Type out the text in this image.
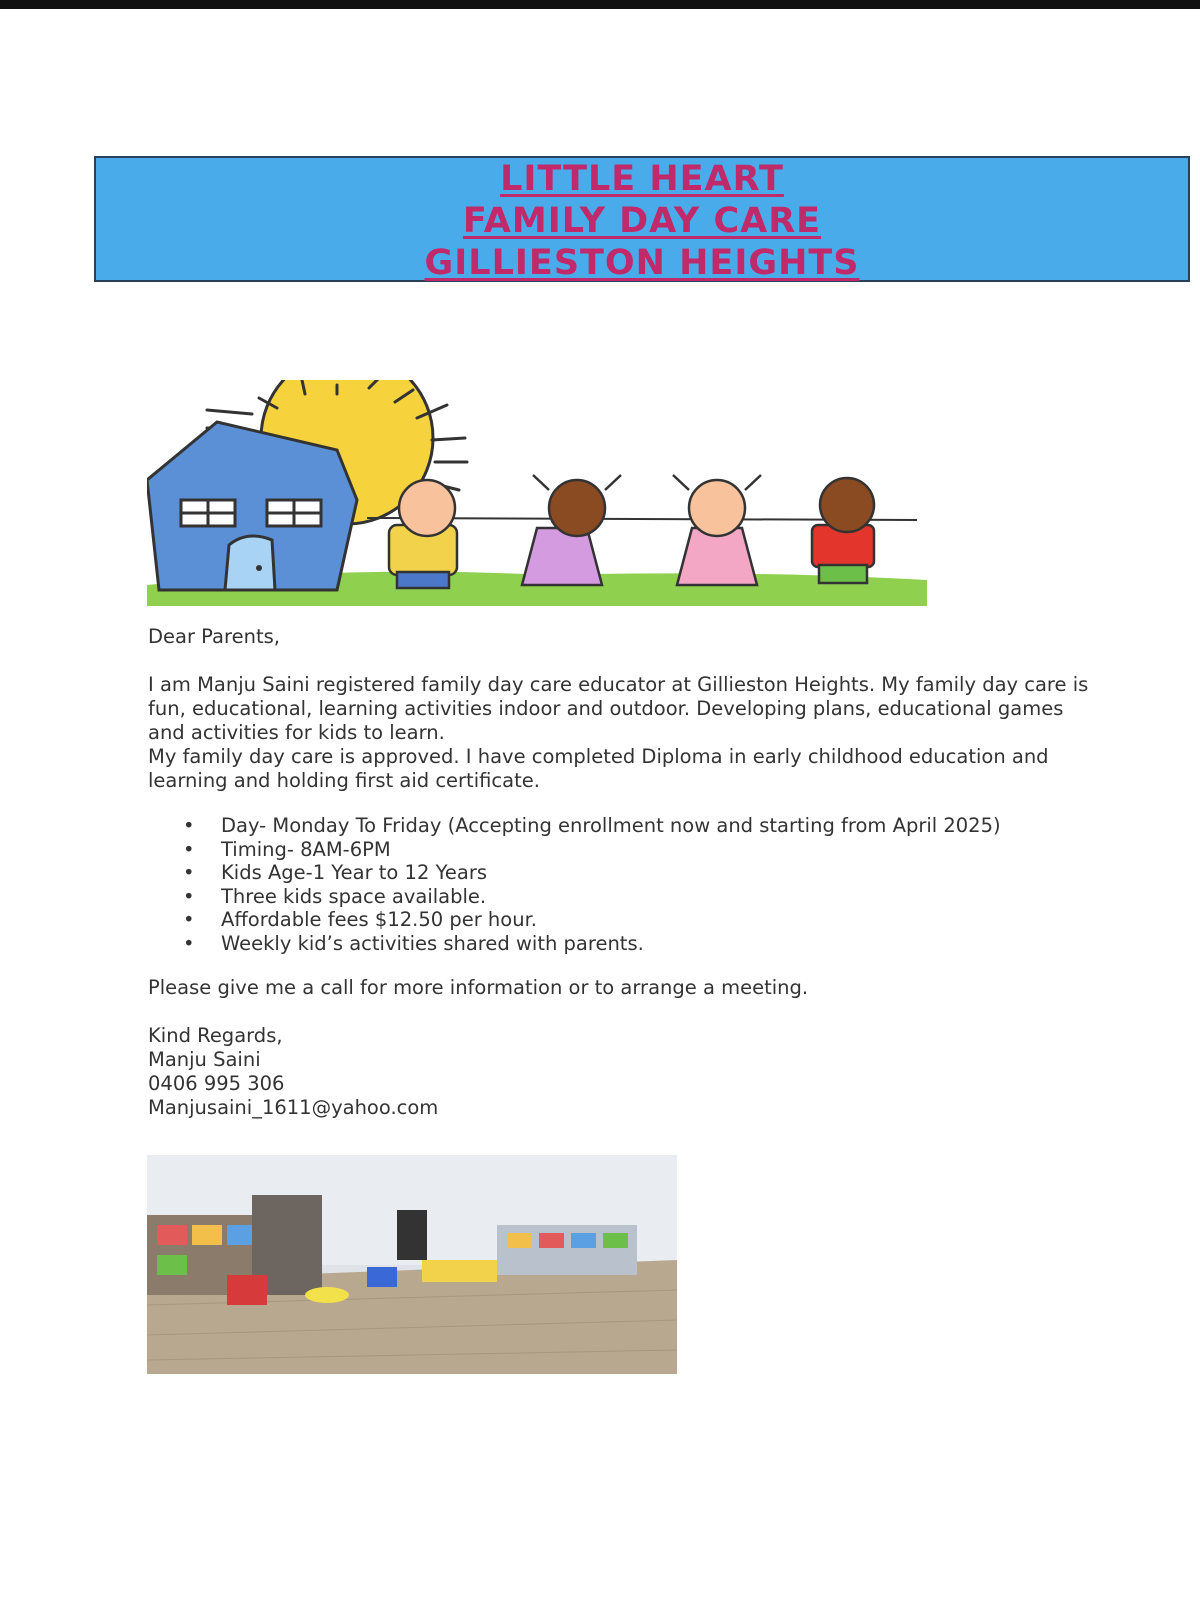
LITTLE HEART
FAMILY DAY CARE
GILLIESTON HEIGHTS

Dear Parents,

I am Manju Saini registered family day care educator at Gillieston Heights. My family day care is fun, educational, learning activities indoor and outdoor. Developing plans, educational games and activities for kids to learn.

My family day care is approved. I have completed Diploma in early childhood education and learning and holding first aid certificate.

• Day- Monday To Friday (Accepting enrollment now and starting from April 2025)
• Timing- 8AM-6PM
• Kids Age-1 Year to 12 Years
• Three kids space available.
• Affordable fees $12.50 per hour.
• Weekly kid’s activities shared with parents.

Please give me a call for more information or to arrange a meeting.

Kind Regards,
Manju Saini
0406 995 306
Manjusaini_1611@yahoo.com
